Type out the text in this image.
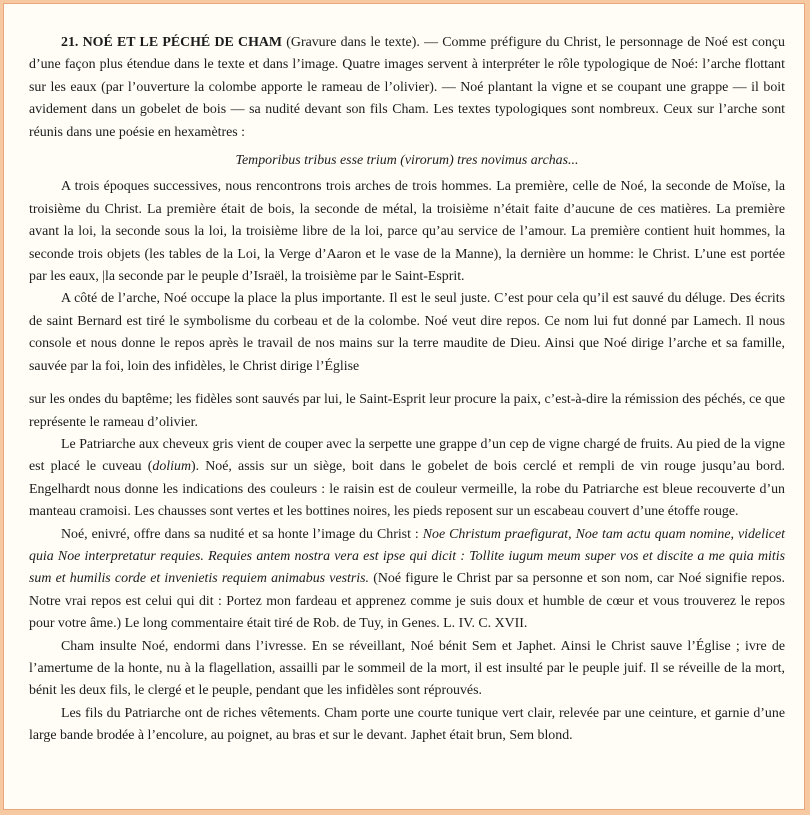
21. NOÉ ET LE PÉCHÉ DE CHAM (Gravure dans le texte). — Comme préfigure du Christ, le personnage de Noé est conçu d’une façon plus étendue dans le texte et dans l’image. Quatre images servent à interpréter le rôle typologique de Noé: l’arche flottant sur les eaux (par l’ouverture la colombe apporte le rameau de l’olivier). — Noé plantant la vigne et se coupant une grappe — il boit avidement dans un gobelet de bois — sa nudité devant son fils Cham. Les textes typologiques sont nombreux. Ceux sur l’arche sont réunis dans une poésie en hexamètres :

Temporibus tribus esse trium (virorum) tres novimus archas...

A trois époques successives, nous rencontrons trois arches de trois hommes. La première, celle de Noé, la seconde de Moïse, la troisième du Christ. La première était de bois, la seconde de métal, la troisième n’était faite d’aucune de ces matières. La première avant la loi, la seconde sous la loi, la troisième libre de la loi, parce qu’au service de l’amour. La première contient huit hommes, la seconde trois objets (les tables de la Loi, la Verge d’Aaron et le vase de la Manne), la dernière un homme: le Christ. L’une est portée par les eaux, |la seconde par le peuple d’Israël, la troisième par le Saint-Esprit.

A côté de l’arche, Noé occupe la place la plus importante. Il est le seul juste. C’est pour cela qu’il est sauvé du déluge. Des écrits de saint Bernard est tiré le symbolisme du corbeau et de la colombe. Noé veut dire repos. Ce nom lui fut donné par Lamech. Il nous console et nous donne le repos après le travail de nos mains sur la terre maudite de Dieu. Ainsi que Noé dirige l’arche et sa famille, sauvée par la foi, loin des infidèles, le Christ dirige l’Église

sur les ondes du baptême; les fidèles sont sauvés par lui, le Saint-Esprit leur procure la paix, c’est-à-dire la rémission des péchés, ce que représente le rameau d’olivier.

Le Patriarche aux cheveux gris vient de couper avec la serpette une grappe d’un cep de vigne chargé de fruits. Au pied de la vigne est placé le cuveau (dolium). Noé, assis sur un siège, boit dans le gobelet de bois cerclé et rempli de vin rouge jusqu’au bord. Engelhardt nous donne les indications des couleurs : le raisin est de couleur vermeille, la robe du Patriarche est bleue recouverte d’un manteau cramoisi. Les chausses sont vertes et les bottines noires, les pieds reposent sur un escabeau couvert d’une étoffe rouge.

Noé, enivré, offre dans sa nudité et sa honte l’image du Christ : Noe Christum praefigurat, Noe tam actu quam nomine, videlicet quia Noe interpretatur requies. Requies antem nostra vera est ipse qui dicit : Tollite iugum meum super vos et discite a me quia mitis sum et humilis corde et invenietis requiem animabus vestris. (Noé figure le Christ par sa personne et son nom, car Noé signifie repos. Notre vrai repos est celui qui dit : Portez mon fardeau et apprenez comme je suis doux et humble de cœur et vous trouverez le repos pour votre âme.) Le long commentaire était tiré de Rob. de Tuy, in Genes. L. IV. C. XVII.

Cham insulte Noé, endormi dans l’ivresse. En se réveillant, Noé bénit Sem et Japhet. Ainsi le Christ sauve l’Église ; ivre de l’amertume de la honte, nu à la flagellation, assailli par le sommeil de la mort, il est insulté par le peuple juif. Il se réveille de la mort, bénit les deux fils, le clergé et le peuple, pendant que les infidèles sont réprouvés.

Les fils du Patriarche ont de riches vêtements. Cham porte une courte tunique vert clair, relevée par une ceinture, et garnie d’une large bande brodée à l’encolure, au poignet, au bras et sur le devant. Japhet était brun, Sem blond.
